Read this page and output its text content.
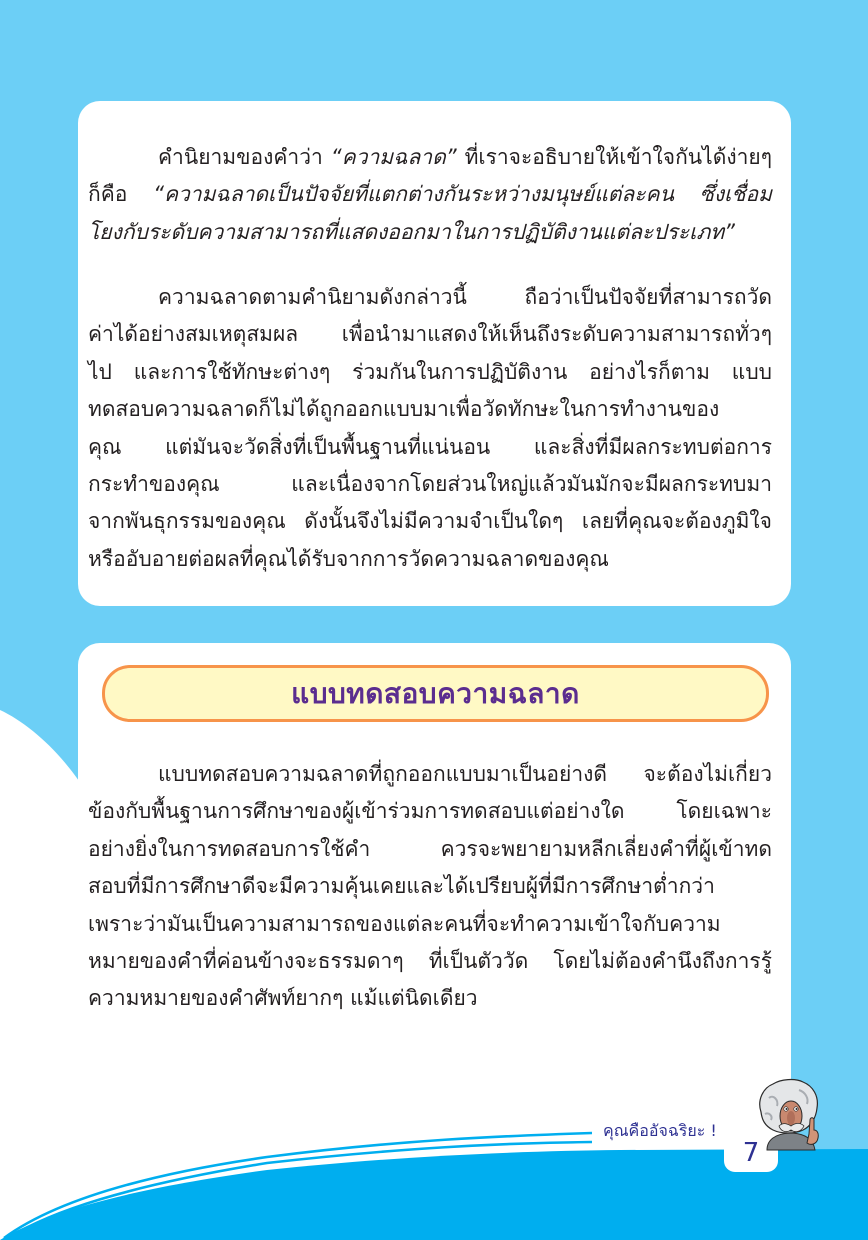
คำนิยามของคำว่า “ความฉลาด” ที่เราจะอธิบายให้เข้าใจกันได้ง่ายๆ
ก็คือ “ความฉลาดเป็นปัจจัยที่แตกต่างกันระหว่างมนุษย์แต่ละคน ซึ่งเชื่อม
โยงกับระดับความสามารถที่แสดงออกมาในการปฏิบัติงานแต่ละประเภท”
ความฉลาดตามคำนิยามดังกล่าวนี้ ถือว่าเป็นปัจจัยที่สามารถวัด
ค่าได้อย่างสมเหตุสมผล เพื่อนำมาแสดงให้เห็นถึงระดับความสามารถทั่วๆ
ไป และการใช้ทักษะต่างๆ ร่วมกันในการปฏิบัติงาน อย่างไรก็ตาม แบบ
ทดสอบความฉลาดก็ไม่ได้ถูกออกแบบมาเพื่อวัดทักษะในการทำงานของ
คุณ แต่มันจะวัดสิ่งที่เป็นพื้นฐานที่แน่นอน และสิ่งที่มีผลกระทบต่อการ
กระทำของคุณ และเนื่องจากโดยส่วนใหญ่แล้วมันมักจะมีผลกระทบมา
จากพันธุกรรมของคุณ ดังนั้นจึงไม่มีความจำเป็นใดๆ เลยที่คุณจะต้องภูมิใจ
หรืออับอายต่อผลที่คุณได้รับจากการวัดความฉลาดของคุณ
แบบทดสอบความฉลาด
แบบทดสอบความฉลาดที่ถูกออกแบบมาเป็นอย่างดี จะต้องไม่เกี่ยว
ข้องกับพื้นฐานการศึกษาของผู้เข้าร่วมการทดสอบแต่อย่างใด โดยเฉพาะ
อย่างยิ่งในการทดสอบการใช้คำ ควรจะพยายามหลีกเลี่ยงคำที่ผู้เข้าทด
สอบที่มีการศึกษาดีจะมีความคุ้นเคยและได้เปรียบผู้ที่มีการศึกษาต่ำกว่า
เพราะว่ามันเป็นความสามารถของแต่ละคนที่จะทำความเข้าใจกับความ
หมายของคำที่ค่อนข้างจะธรรมดาๆ ที่เป็นตัววัด โดยไม่ต้องคำนึงถึงการรู้
ความหมายของคำศัพท์ยากๆ แม้แต่นิดเดียว
คุณคืออัจฉริยะ !
7
